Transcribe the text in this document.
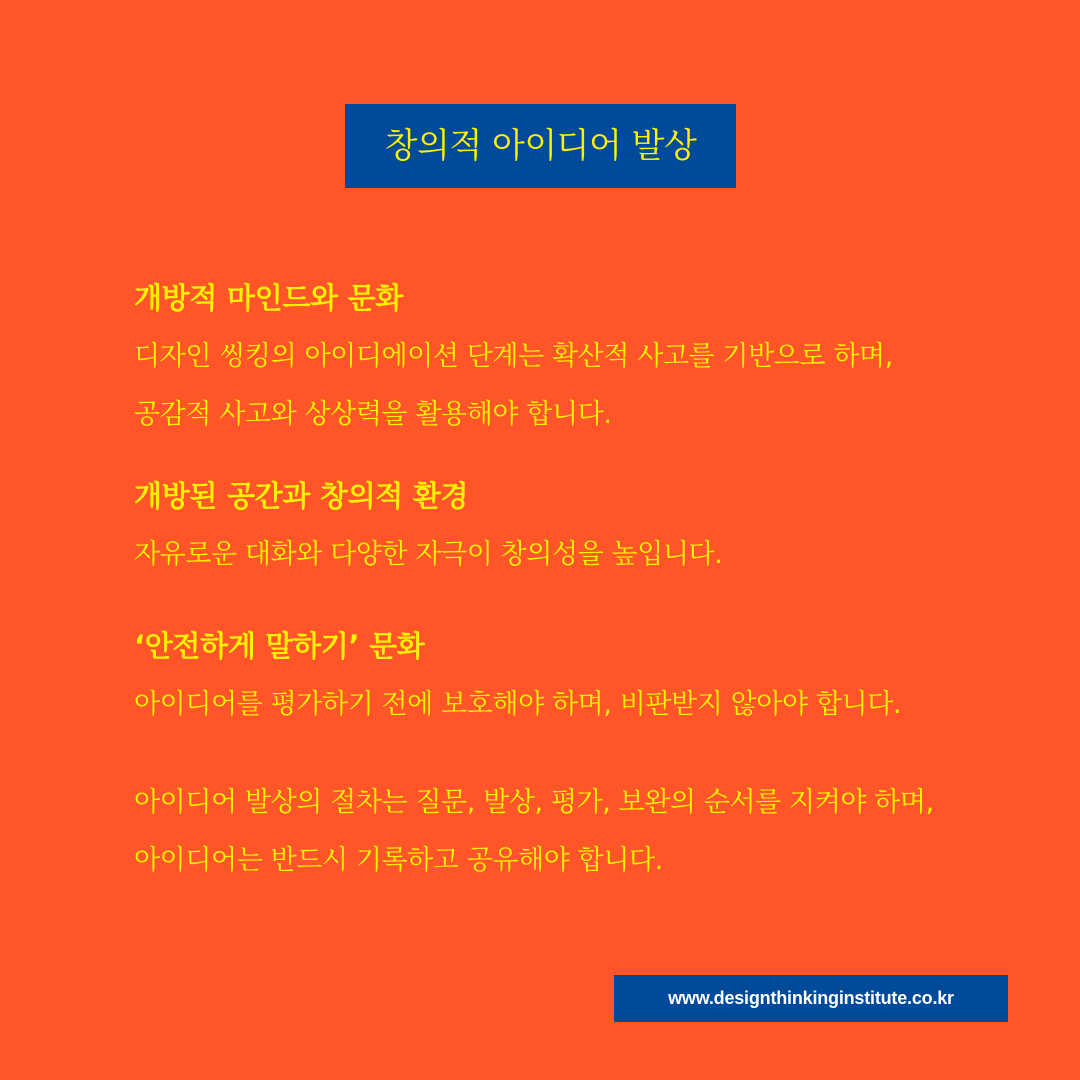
창의적 아이디어 발상
개방적 마인드와 문화

디자인 씽킹의 아이디에이션 단계는 확산적 사고를 기반으로 하며,

공감적 사고와 상상력을 활용해야 합니다.

개방된 공간과 창의적 환경

자유로운 대화와 다양한 자극이 창의성을 높입니다.

‘안전하게 말하기’ 문화

아이디어를 평가하기 전에 보호해야 하며, 비판받지 않아야 합니다.

아이디어 발상의 절차는 질문, 발상, 평가, 보완의 순서를 지켜야 하며,

아이디어는 반드시 기록하고 공유해야 합니다.

www.designthinkinginstitute.co.kr
